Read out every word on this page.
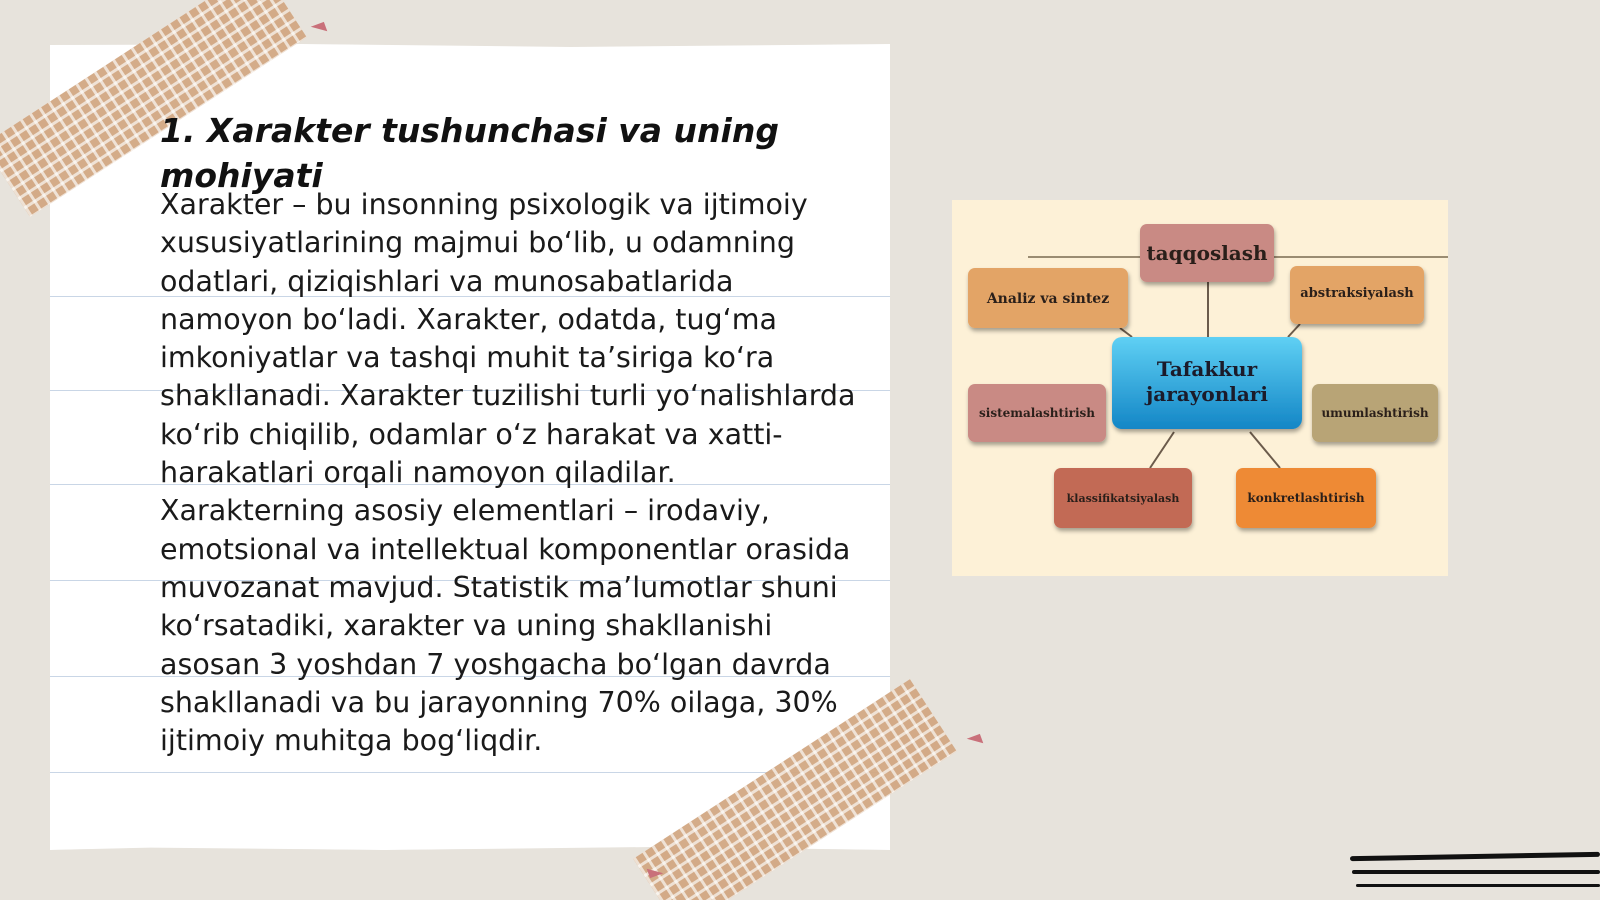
1. Xarakter tushunchasi va uning mohiyati

Xarakter – bu insonning psixologik va ijtimoiy xususiyatlarining majmui bo‘lib, u odamning odatlari, qiziqishlari va munosabatlarida namoyon bo‘ladi. Xarakter, odatda, tug‘ma imkoniyatlar va tashqi muhit ta’siriga ko‘ra shakllanadi. Xarakter tuzilishi turli yo‘nalishlarda ko‘rib chiqilib, odamlar o‘z harakat va xatti-harakatlari orqali namoyon qiladilar. Xarakterning asosiy elementlari – irodaviy, emotsional va intellektual komponentlar orasida muvozanat mavjud. Statistik ma’lumotlar shuni ko‘rsatadiki, xarakter va uning shakllanishi asosan 3 yoshdan 7 yoshgacha bo‘lgan davrda shakllanadi va bu jarayonning 70% oilaga, 30% ijtimoiy muhitga bog‘liqdir.

taqqoslash
Analiz va sintez	abstraksiyalash
Tafakkur
jarayonlari
sistemalashtirish	umumlashtirish
klassifikatsiyalash	konkretlashtirish
